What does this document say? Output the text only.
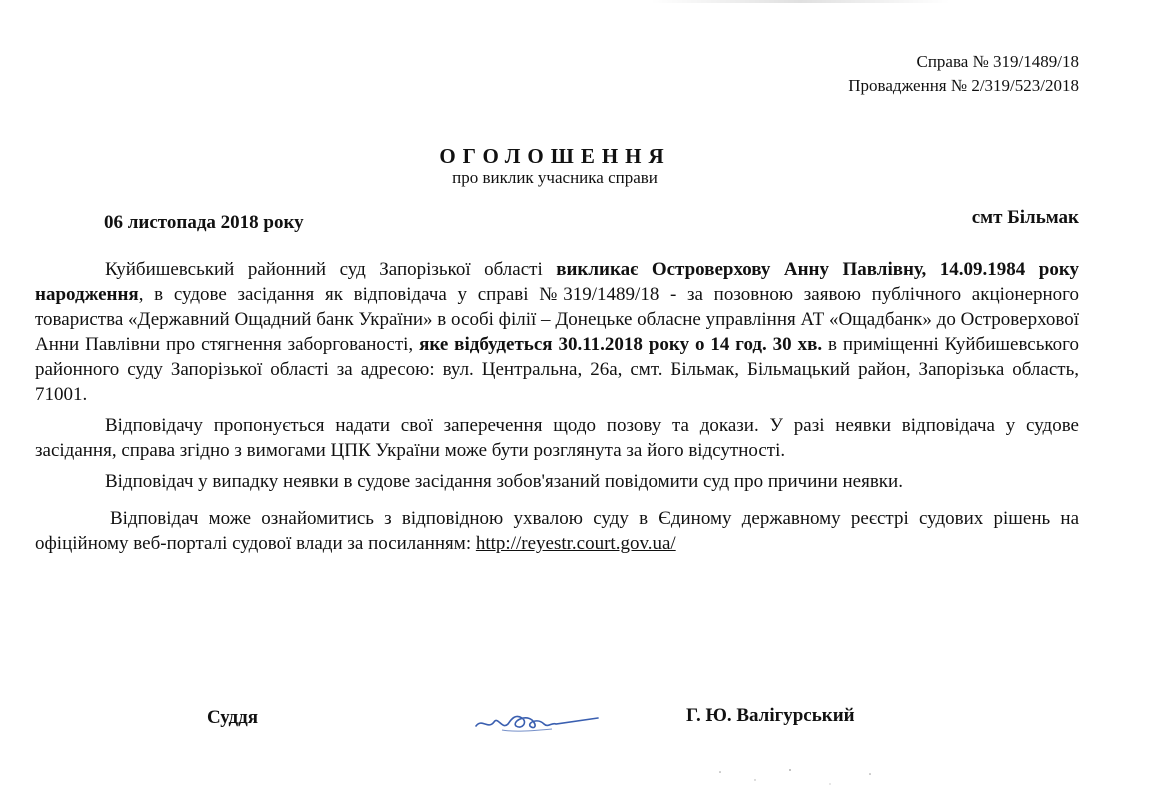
Справа № 319/1489/18
Провадження № 2/319/523/2018
ОГОЛОШЕННЯ
про виклик учасника справи
06 листопада 2018 року	смт Більмак

Куйбишевський районний суд Запорізької області викликає Островерхову Анну Павлівну, 14.09.1984 року народження, в судове засідання як відповідача у справі №319/1489/18 - за позовною заявою публічного акціонерного товариства «Державний Ощадний банк України» в особі філії – Донецьке обласне управління АТ «Ощадбанк» до Островерхової Анни Павлівни про стягнення заборгованості, яке відбудеться 30.11.2018 року о 14 год. 30 хв. в приміщенні Куйбишевського районного суду Запорізької області за адресою: вул. Центральна, 26а, смт. Більмак, Більмацький район, Запорізька область, 71001.

Відповідачу пропонується надати свої заперечення щодо позову та докази. У разі неявки відповідача у судове засідання, справа згідно з вимогами ЦПК України може бути розглянута за його відсутності.

Відповідач у випадку неявки в судове засідання зобов'язаний повідомити суд про причини неявки.

Відповідач може ознайомитись з відповідною ухвалою суду в Єдиному державному реєстрі судових рішень на офіційному веб-порталі судової влади за посиланням: http://reyestr.court.gov.ua/

Суддя	Г. Ю. Валігурський
